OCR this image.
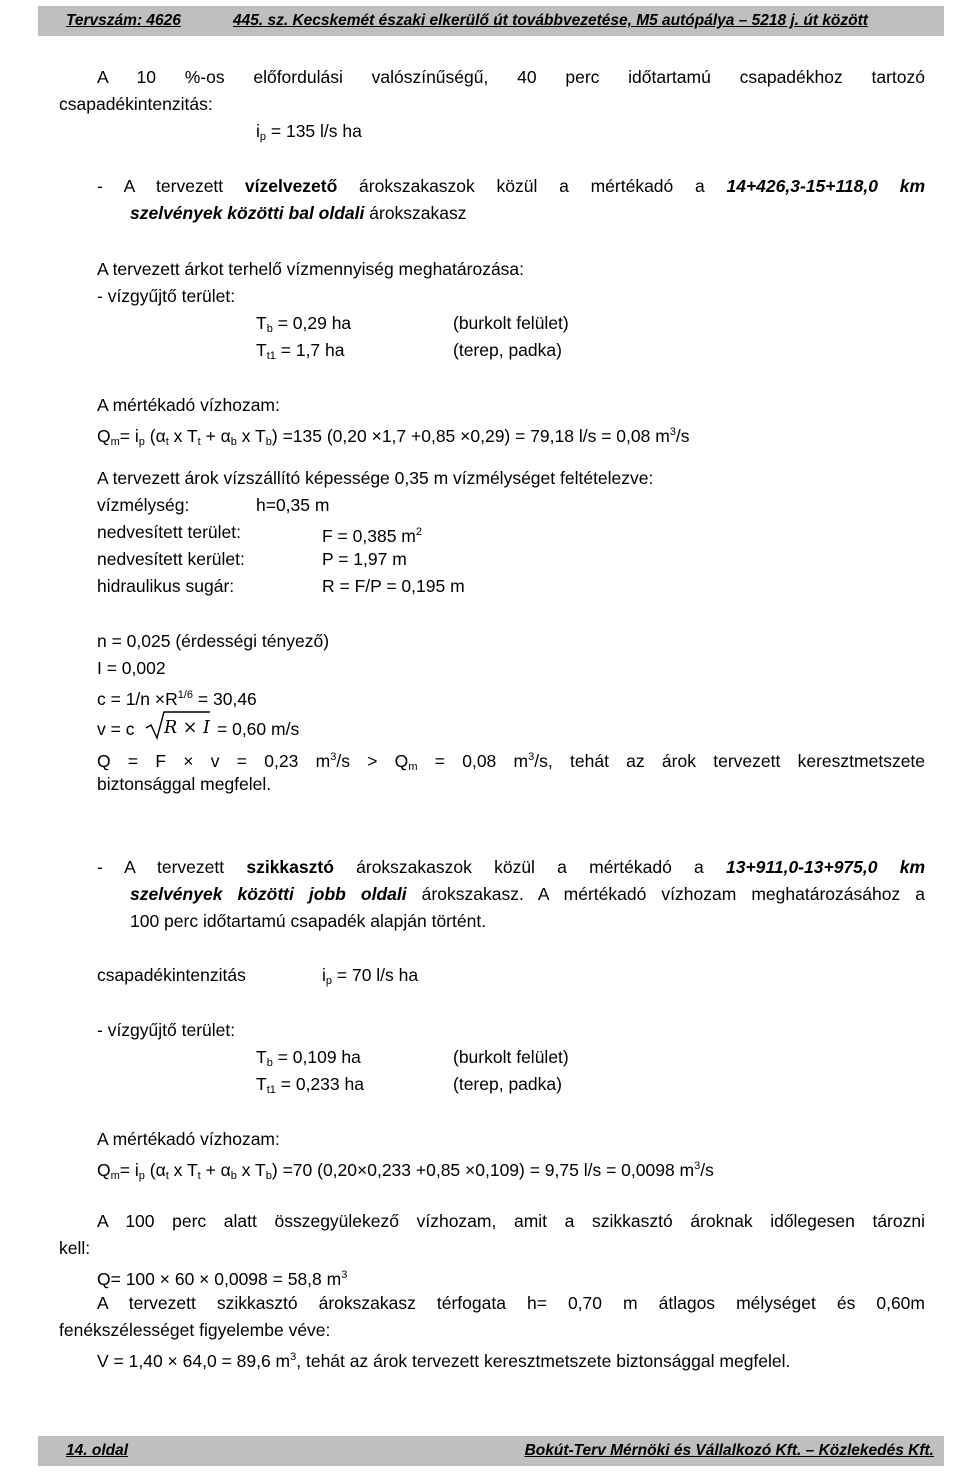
Tervszám: 4626	445. sz. Kecskemét északi elkerülő út továbbvezetése, M5 autópálya – 5218 j. út között
A 10 %-os előfordulási valószínűségű, 40 perc időtartamú csapadékhoz tartozó
csapadékintenzitás:
$i_p = 135$ l/s ha
- A tervezett vízelvezető árokszakaszok közül a mértékadó a 14+426,3-15+118,0 km
szelvények közötti bal oldali árokszakasz
A tervezett árkot terhelő vízmennyiség meghatározása:
- vízgyűjtő terület:
$T_b = 0,29$ ha	(burkolt felület)
$T_{t1} = 1,7$ ha	(terep, padka)
A mértékadó vízhozam:
$Q_m= i_p$ ($\alpha_t$ x $T_t + \alpha_b$ x $T_b) =135$ (0,20 ×1,7 +0,85 ×0,29) = 79,18 l/s = 0,08 $m^3/s$
A tervezett árok vízszállító képessége 0,35 m vízmélységet feltételezve:
vízmélység:	h=0,35 m
nedvesített terület:	F = 0,385 $m^2$
nedvesített kerület:	P = 1,97 m
hidraulikus sugár:	R = F/P = 0,195 m
n = 0,025 (érdességi tényező)
I = 0,002
$c = 1/n \times R^{1/6} = 30,46$
v = c R × I = 0,60 m/s
Q = F × v = 0,23 $m^3/s > Q_m = 0,08$ $m^3/s$, tehát az árok tervezett keresztmetszete
biztonsággal megfelel.
- A tervezett szikkasztó árokszakaszok közül a mértékadó a 13+911,0-13+975,0 km
szelvények közötti jobb oldali árokszakasz. A mértékadó vízhozam meghatározásához a
100 perc időtartamú csapadék alapján történt.
csapadékintenzitás	$i_p = 70$ l/s ha
- vízgyűjtő terület:
$T_b = 0,109$ ha	(burkolt felület)
$T_{t1} = 0,233$ ha	(terep, padka)
A mértékadó vízhozam:
$Q_m= i_p$ ($\alpha_t$ x $T_t + \alpha_b$ x $T_b) =70$ (0,20×0,233 +0,85 ×0,109) = 9,75 l/s = 0,0098 $m^3/s$
A 100 perc alatt összegyülekező vízhozam, amit a szikkasztó ároknak időlegesen tározni
kell:
Q= 100 × 60 × 0,0098 = 58,8 $m^3$
A tervezett szikkasztó árokszakasz térfogata h= 0,70 m átlagos mélységet és 0,60m
fenékszélességet figyelembe véve:
V = 1,40 × 64,0 = 89,6 $m^3$, tehát az árok tervezett keresztmetszete biztonsággal megfelel.
14. oldal	Bokút-Terv Mérnöki és Vállalkozó Kft. – Közlekedés Kft.
